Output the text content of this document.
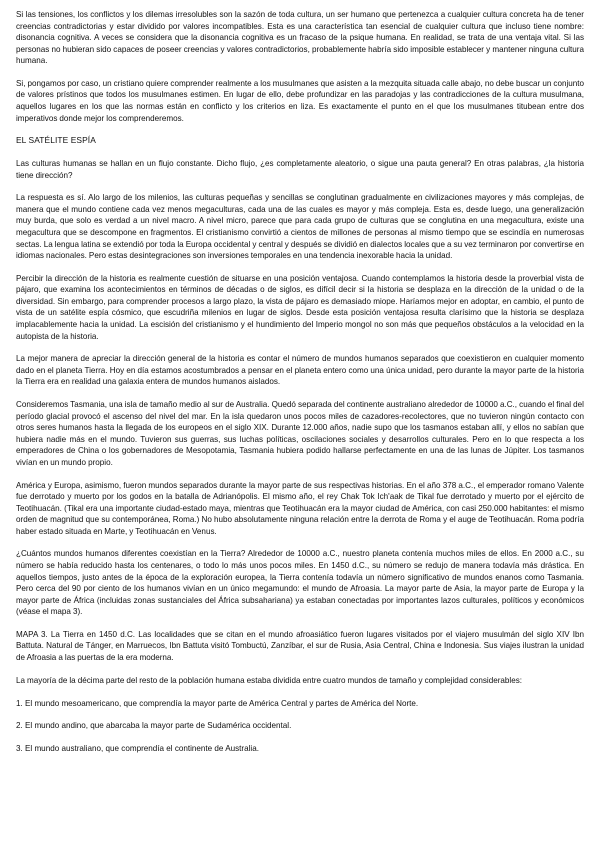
Si las tensiones, los conflictos y los dilemas irresolubles son la sazón de toda cultura, un ser humano que pertenezca a cualquier cultura concreta ha de tener creencias contradictorias y estar dividido por valores incompatibles. Esta es una característica tan esencial de cualquier cultura que incluso tiene nombre: disonancia cognitiva. A veces se considera que la disonancia cognitiva es un fracaso de la psique humana. En realidad, se trata de una ventaja vital. Si las personas no hubieran sido capaces de poseer creencias y valores contradictorios, probablemente habría sido imposible establecer y mantener ninguna cultura humana.

Si, pongamos por caso, un cristiano quiere comprender realmente a los musulmanes que asisten a la mezquita situada calle abajo, no debe buscar un conjunto de valores prístinos que todos los musulmanes estimen. En lugar de ello, debe profundizar en las paradojas y las contradicciones de la cultura musulmana, aquellos lugares en los que las normas están en conflicto y los criterios en liza. Es exactamente el punto en el que los musulmanes titubean entre dos imperativos donde mejor los comprenderemos.

EL SATÉLITE ESPÍA

Las culturas humanas se hallan en un flujo constante. Dicho flujo, ¿es completamente aleatorio, o sigue una pauta general? En otras palabras, ¿la historia tiene dirección?

La respuesta es sí. Alo largo de los milenios, las culturas pequeñas y sencillas se conglutinan gradualmente en civilizaciones mayores y más complejas, de manera que el mundo contiene cada vez menos megaculturas, cada una de las cuales es mayor y más compleja. Esta es, desde luego, una generalización muy burda, que solo es verdad a un nivel macro. A nivel micro, parece que para cada grupo de culturas que se conglutina en una megacultura, existe una megacultura que se descompone en fragmentos. El cristianismo convirtió a cientos de millones de personas al mismo tiempo que se escindía en numerosas sectas. La lengua latina se extendió por toda la Europa occidental y central y después se dividió en dialectos locales que a su vez terminaron por convertirse en idiomas nacionales. Pero estas desintegraciones son inversiones temporales en una tendencia inexorable hacia la unidad.

Percibir la dirección de la historia es realmente cuestión de situarse en una posición ventajosa. Cuando contemplamos la historia desde la proverbial vista de pájaro, que examina los acontecimientos en términos de décadas o de siglos, es difícil decir si la historia se desplaza en la dirección de la unidad o de la diversidad. Sin embargo, para comprender procesos a largo plazo, la vista de pájaro es demasiado miope. Haríamos mejor en adoptar, en cambio, el punto de vista de un satélite espía cósmico, que escudriña milenios en lugar de siglos. Desde esta posición ventajosa resulta clarísimo que la historia se desplaza implacablemente hacia la unidad. La escisión del cristianismo y el hundimiento del Imperio mongol no son más que pequeños obstáculos a la velocidad en la autopista de la historia.

La mejor manera de apreciar la dirección general de la historia es contar el número de mundos humanos separados que coexistieron en cualquier momento dado en el planeta Tierra. Hoy en día estamos acostumbrados a pensar en el planeta entero como una única unidad, pero durante la mayor parte de la historia la Tierra era en realidad una galaxia entera de mundos humanos aislados.

Consideremos Tasmania, una isla de tamaño medio al sur de Australia. Quedó separada del continente australiano alrededor de 10000 a.C., cuando el final del período glacial provocó el ascenso del nivel del mar. En la isla quedaron unos pocos miles de cazadores-recolectores, que no tuvieron ningún contacto con otros seres humanos hasta la llegada de los europeos en el siglo XIX. Durante 12.000 años, nadie supo que los tasmanos estaban allí, y ellos no sabían que hubiera nadie más en el mundo. Tuvieron sus guerras, sus luchas políticas, oscilaciones sociales y desarrollos culturales. Pero en lo que respecta a los emperadores de China o los gobernadores de Mesopotamia, Tasmania hubiera podido hallarse perfectamente en una de las lunas de Júpiter. Los tasmanos vivían en un mundo propio.

América y Europa, asimismo, fueron mundos separados durante la mayor parte de sus respectivas historias. En el año 378 a.C., el emperador romano Valente fue derrotado y muerto por los godos en la batalla de Adrianópolis. El mismo año, el rey Chak Tok Ich'aak de Tikal fue derrotado y muerto por el ejército de Teotihuacán. (Tikal era una importante ciudad-estado maya, mientras que Teotihuacán era la mayor ciudad de América, con casi 250.000 habitantes: el mismo orden de magnitud que su contemporánea, Roma.) No hubo absolutamente ninguna relación entre la derrota de Roma y el auge de Teotihuacán. Roma podría haber estado situada en Marte, y Teotihuacán en Venus.

¿Cuántos mundos humanos diferentes coexistían en la Tierra? Alrededor de 10000 a.C., nuestro planeta contenía muchos miles de ellos. En 2000 a.C., su número se había reducido hasta los centenares, o todo lo más unos pocos miles. En 1450 d.C., su número se redujo de manera todavía más drástica. En aquellos tiempos, justo antes de la época de la exploración europea, la Tierra contenía todavía un número significativo de mundos enanos como Tasmania. Pero cerca del 90 por ciento de los humanos vivían en un único megamundo: el mundo de Afroasia. La mayor parte de Asia, la mayor parte de Europa y la mayor parte de África (incluidas zonas sustanciales del África subsahariana) ya estaban conectadas por importantes lazos culturales, políticos y económicos (véase el mapa 3).

MAPA 3. La Tierra en 1450 d.C. Las localidades que se citan en el mundo afroasiático fueron lugares visitados por el viajero musulmán del siglo XIV Ibn Battuta. Natural de Tánger, en Marruecos, Ibn Battuta visitó Tombuctú, Zanzíbar, el sur de Rusia, Asia Central, China e Indonesia. Sus viajes ilustran la unidad de Afroasia a las puertas de la era moderna.

La mayoría de la décima parte del resto de la población humana estaba dividida entre cuatro mundos de tamaño y complejidad considerables:

1. El mundo mesoamericano, que comprendía la mayor parte de América Central y partes de América del Norte.
2. El mundo andino, que abarcaba la mayor parte de Sudamérica occidental.
3. El mundo australiano, que comprendía el continente de Australia.
